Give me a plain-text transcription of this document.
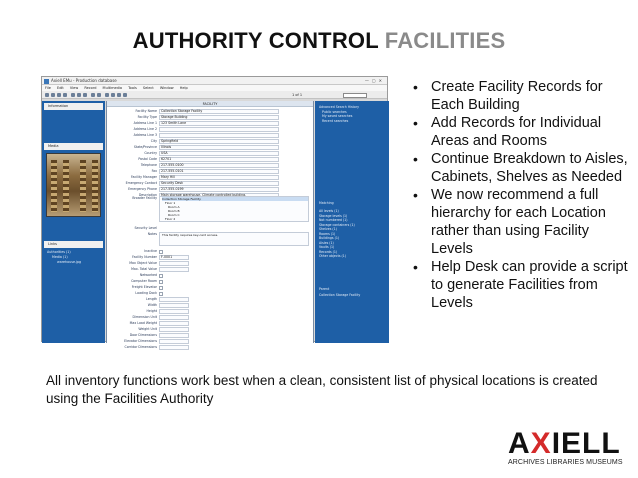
AUTHORITY CONTROL FACILITIES
Axiell EMu - Production database	—▢✕
File Edit View Record Multimedia Tools Select Window Help
1 of 1
Information
Media
Links
Authorities (1)
Media (1)
warehouse.jpg
FACILITY
Facility Name	Collection Storage Facility
Facility Type	Storage Building
Address Line 1	123 Smith Lane
Address Line 2
Address Line 3
City	Springfield
State/Province	Illinois
Country	USA
Postal Code	62701
Telephone	217-555-0100
Fax	217-555-0101
Facility Manager	Mary Hill
Emergency Contact	Security Desk
Emergency Phone	217-555-0199
Description
Broader Facility Collection Storage Facility
Floor 1
Room A
Room B
Room C
Floor 2
Security Level
Notes	This facility requires key-card access.
Inactive
Facility Number	F-0001
Max Object Value
Max. Total Value
Networked
Computer Room
Freight Elevator
Loading Dock
Length
Width
Height
Dimension Unit
Max Load Weight
Weight Unit
Door Dimensions
Elevator Dimensions
Corridor Dimensions
Advanced Search History
Public searches
My saved searches
Recent searches
Matching
All levels (1)
Storage levels (1)
Not numbered (1)
Storage containers (1)
Shelves (1)
Rooms (1)
Buildings (1)
Aisles (1)
Vaults (1)
Records (1)
Other objects (1)
Parent
Collection Storage Facility
• Create Facility Records for Each Building
• Add Records for Individual Areas and Rooms
• Continue Breakdown to Aisles, Cabinets, Shelves as Needed
• We now recommend a full hierarchy for each Location rather than using Facility Levels
• Help Desk can provide a script to generate Facilities from Levels
All inventory functions work best when a clean, consistent list of physical locations is created using the Facilities Authority
AXIELL
ARCHIVES LIBRARIES MUSEUMS
